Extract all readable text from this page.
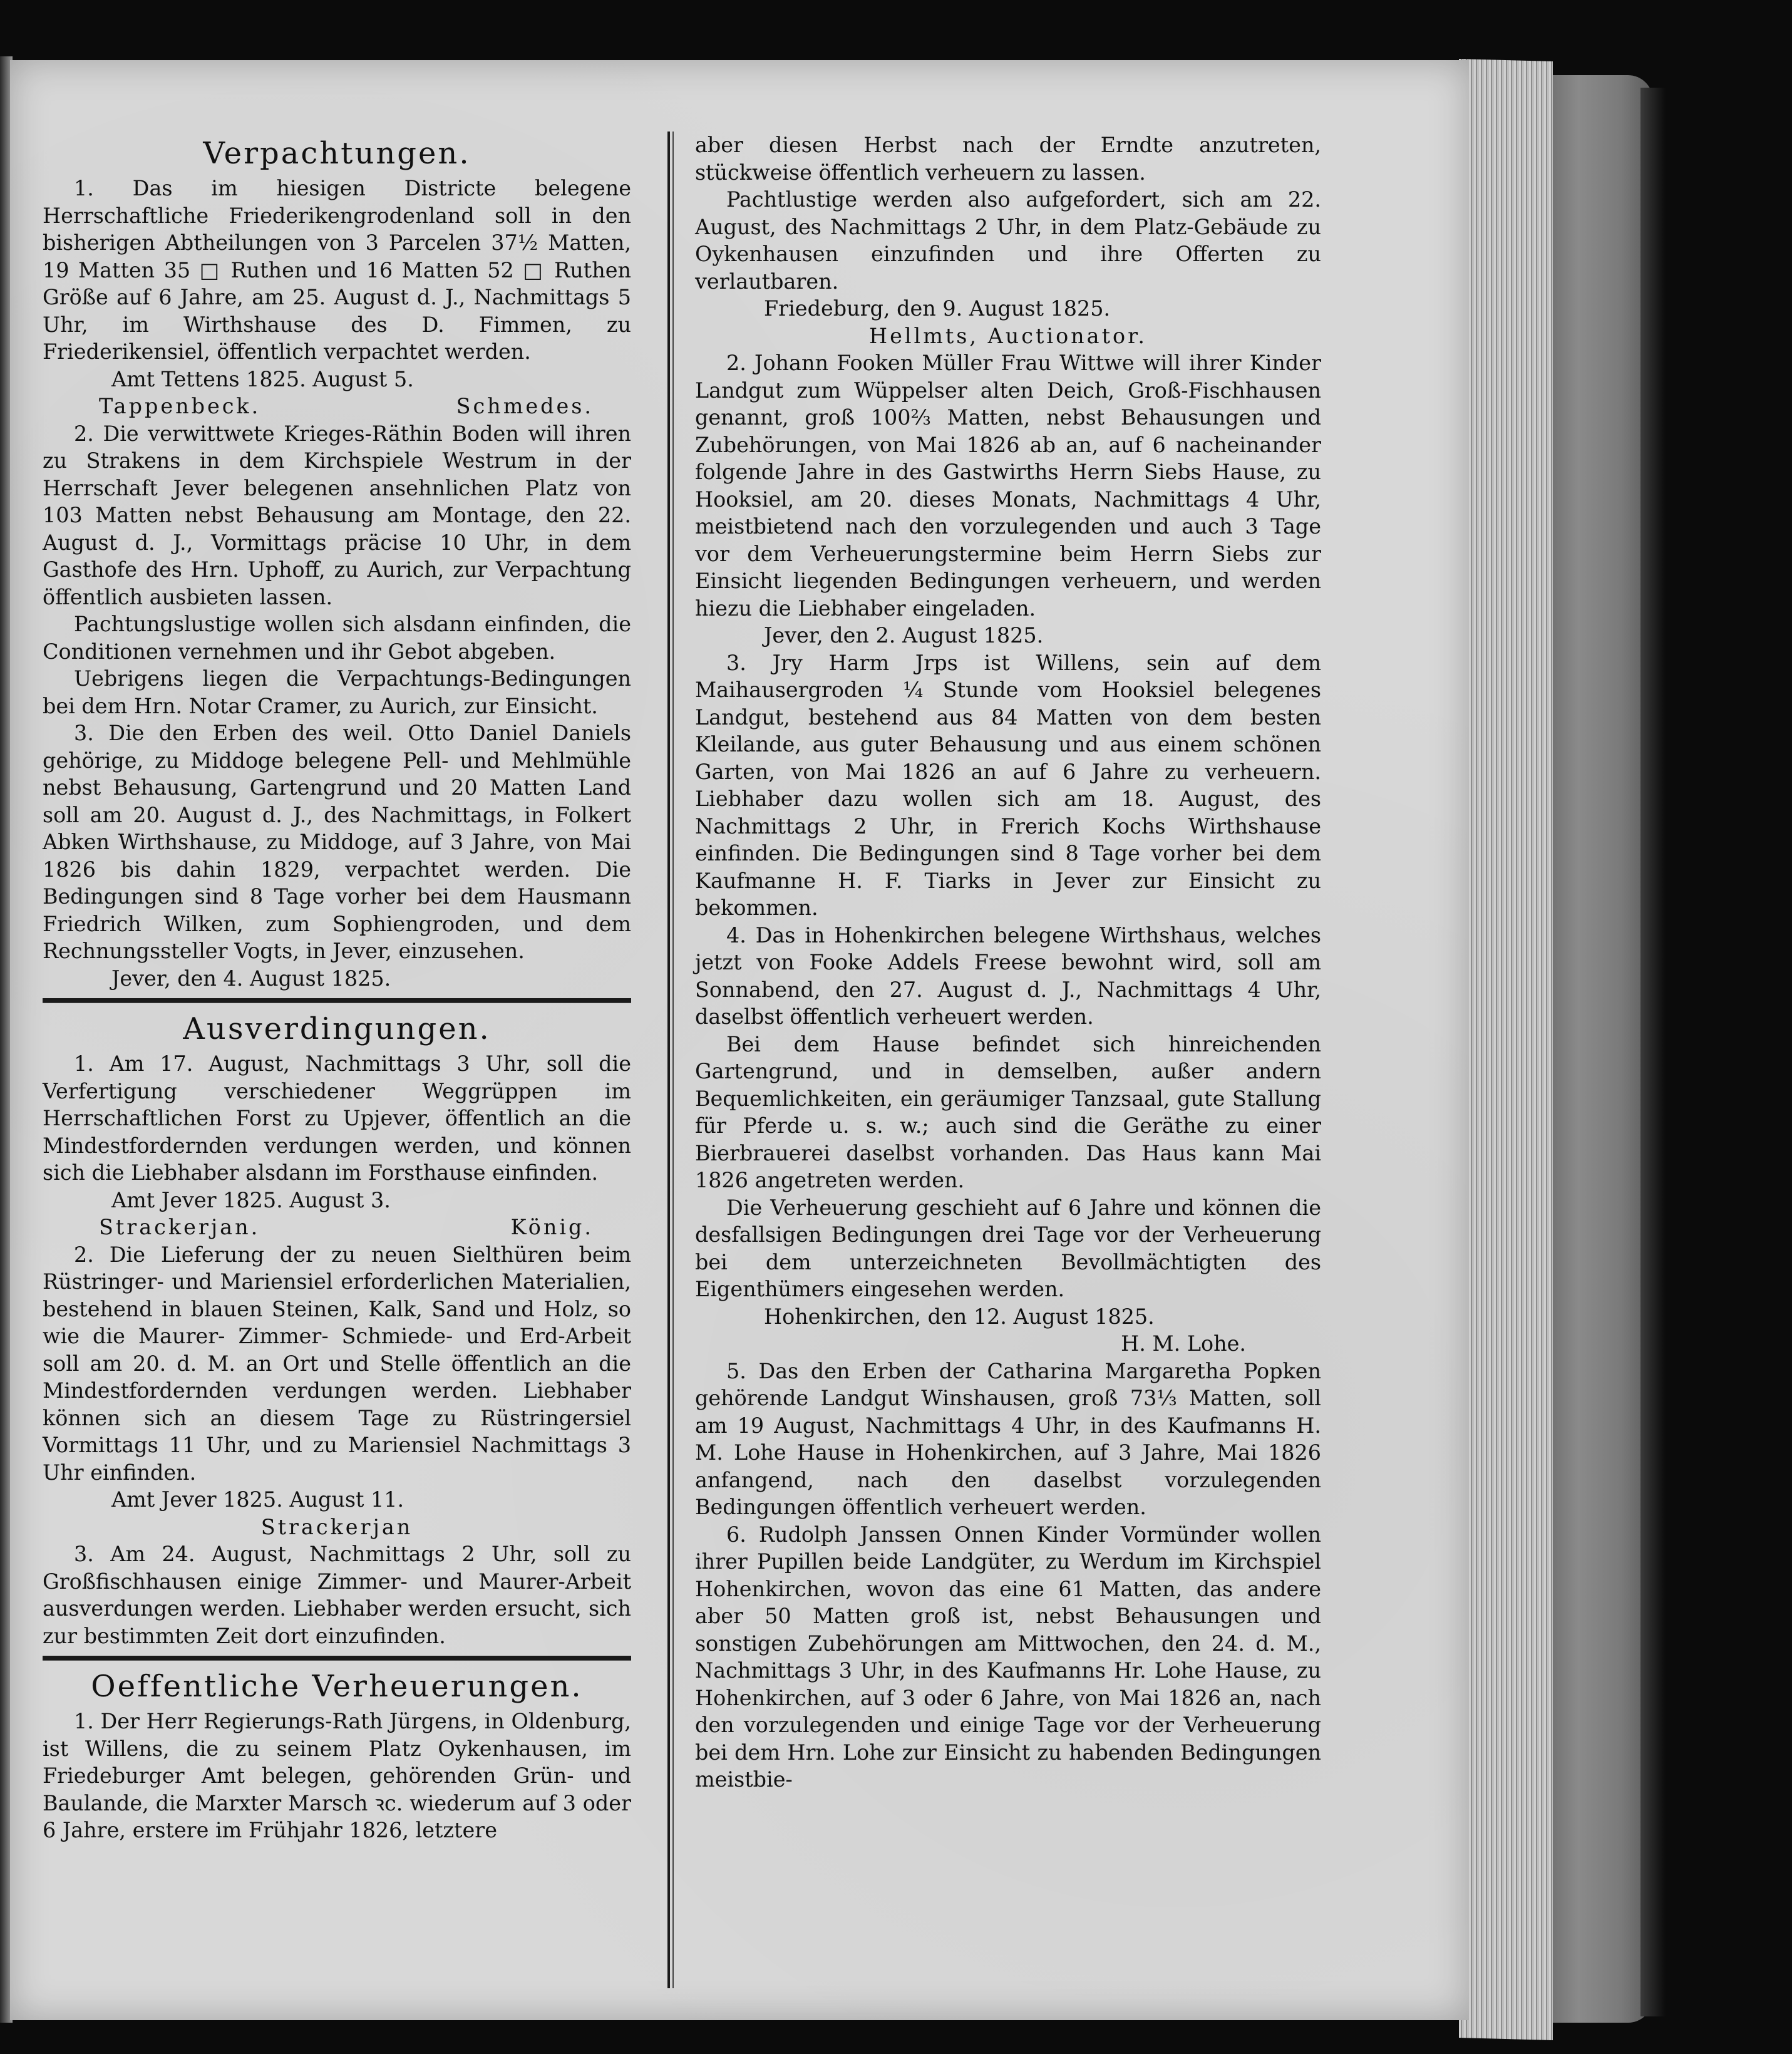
Verpachtungen.

1. Das im hiesigen Districte belegene Herrschaftliche Friederikengrodenland soll in den bisherigen Abtheilungen von 3 Parcelen 37½ Matten, 19 Matten 35 □ Ruthen und 16 Matten 52 □ Ruthen Größe auf 6 Jahre, am 25. August d. J., Nachmittags 5 Uhr, im Wirthshause des D. Fimmen, zu Friederikensiel, öffentlich verpachtet werden.

Amt Tettens 1825. August 5.

Tappenbeck.	Schmedes.

2. Die verwittwete Krieges-Räthin Boden will ihren zu Strakens in dem Kirchspiele Westrum in der Herrschaft Jever belegenen ansehnlichen Platz von 103 Matten nebst Behausung am Montage, den 22. August d. J., Vormittags präcise 10 Uhr, in dem Gasthofe des Hrn. Uphoff, zu Aurich, zur Verpachtung öffentlich ausbieten lassen.

Pachtungslustige wollen sich alsdann einfinden, die Conditionen vernehmen und ihr Gebot abgeben.

Uebrigens liegen die Verpachtungs-Bedingungen bei dem Hrn. Notar Cramer, zu Aurich, zur Einsicht.

3. Die den Erben des weil. Otto Daniel Daniels gehörige, zu Middoge belegene Pell- und Mehlmühle nebst Behausung, Gartengrund und 20 Matten Land soll am 20. August d. J., des Nachmittags, in Folkert Abken Wirthshause, zu Middoge, auf 3 Jahre, von Mai 1826 bis dahin 1829, verpachtet werden. Die Bedingungen sind 8 Tage vorher bei dem Hausmann Friedrich Wilken, zum Sophiengroden, und dem Rechnungssteller Vogts, in Jever, einzusehen.

Jever, den 4. August 1825.

Ausverdingungen.

1. Am 17. August, Nachmittags 3 Uhr, soll die Verfertigung verschiedener Weggrüppen im Herrschaftlichen Forst zu Upjever, öffentlich an die Mindestfordernden verdungen werden, und können sich die Liebhaber alsdann im Forsthause einfinden.

Amt Jever 1825. August 3.

Strackerjan.	König.

2. Die Lieferung der zu neuen Sielthüren beim Rüstringer- und Mariensiel erforderlichen Materialien, bestehend in blauen Steinen, Kalk, Sand und Holz, so wie die Maurer- Zimmer- Schmiede- und Erd-Arbeit soll am 20. d. M. an Ort und Stelle öffentlich an die Mindestfordernden verdungen werden. Liebhaber können sich an diesem Tage zu Rüstringersiel Vormittags 11 Uhr, und zu Mariensiel Nachmittags 3 Uhr einfinden.

Amt Jever 1825. August 11.

Strackerjan

3. Am 24. August, Nachmittags 2 Uhr, soll zu Großfischhausen einige Zimmer- und Maurer-Arbeit ausverdungen werden. Liebhaber werden ersucht, sich zur bestimmten Zeit dort einzufinden.

Oeffentliche Verheuerungen.

1. Der Herr Regierungs-Rath Jürgens, in Oldenburg, ist Willens, die zu seinem Platz Oykenhausen, im Friedeburger Amt belegen, gehörenden Grün- und Baulande, die Marxter Marsch ꝛc. wiederum auf 3 oder 6 Jahre, erstere im Frühjahr 1826, letztere

aber diesen Herbst nach der Erndte anzutreten, stückweise öffentlich verheuern zu lassen.

Pachtlustige werden also aufgefordert, sich am 22. August, des Nachmittags 2 Uhr, in dem Platz-Gebäude zu Oykenhausen einzufinden und ihre Offerten zu verlautbaren.

Friedeburg, den 9. August 1825.

Hellmts, Auctionator.

2. Johann Fooken Müller Frau Wittwe will ihrer Kinder Landgut zum Wüppelser alten Deich, Groß-Fischhausen genannt, groß 100⅔ Matten, nebst Behausungen und Zubehörungen, von Mai 1826 ab an, auf 6 nacheinander folgende Jahre in des Gastwirths Herrn Siebs Hause, zu Hooksiel, am 20. dieses Monats, Nachmittags 4 Uhr, meistbietend nach den vorzulegenden und auch 3 Tage vor dem Verheuerungstermine beim Herrn Siebs zur Einsicht liegenden Bedingungen verheuern, und werden hiezu die Liebhaber eingeladen.

Jever, den 2. August 1825.

3. Jry Harm Jrps ist Willens, sein auf dem Maihausergroden ¼ Stunde vom Hooksiel belegenes Landgut, bestehend aus 84 Matten von dem besten Kleilande, aus guter Behausung und aus einem schönen Garten, von Mai 1826 an auf 6 Jahre zu verheuern. Liebhaber dazu wollen sich am 18. August, des Nachmittags 2 Uhr, in Frerich Kochs Wirthshause einfinden. Die Bedingungen sind 8 Tage vorher bei dem Kaufmanne H. F. Tiarks in Jever zur Einsicht zu bekommen.

4. Das in Hohenkirchen belegene Wirthshaus, welches jetzt von Fooke Addels Freese bewohnt wird, soll am Sonnabend, den 27. August d. J., Nachmittags 4 Uhr, daselbst öffentlich verheuert werden.

Bei dem Hause befindet sich hinreichenden Gartengrund, und in demselben, außer andern Bequemlichkeiten, ein geräumiger Tanzsaal, gute Stallung für Pferde u. s. w.; auch sind die Geräthe zu einer Bierbrauerei daselbst vorhanden. Das Haus kann Mai 1826 angetreten werden.

Die Verheuerung geschieht auf 6 Jahre und können die desfallsigen Bedingungen drei Tage vor der Verheuerung bei dem unterzeichneten Bevollmächtigten des Eigenthümers eingesehen werden.

Hohenkirchen, den 12. August 1825.

H. M. Lohe.

5. Das den Erben der Catharina Margaretha Popken gehörende Landgut Winshausen, groß 73⅓ Matten, soll am 19 August, Nachmittags 4 Uhr, in des Kaufmanns H. M. Lohe Hause in Hohenkirchen, auf 3 Jahre, Mai 1826 anfangend, nach den daselbst vorzulegenden Bedingungen öffentlich verheuert werden.

6. Rudolph Janssen Onnen Kinder Vormünder wollen ihrer Pupillen beide Landgüter, zu Werdum im Kirchspiel Hohenkirchen, wovon das eine 61 Matten, das andere aber 50 Matten groß ist, nebst Behausungen und sonstigen Zubehörungen am Mittwochen, den 24. d. M., Nachmittags 3 Uhr, in des Kaufmanns Hr. Lohe Hause, zu Hohenkirchen, auf 3 oder 6 Jahre, von Mai 1826 an, nach den vorzulegenden und einige Tage vor der Verheuerung bei dem Hrn. Lohe zur Einsicht zu habenden Bedingungen meistbie-
